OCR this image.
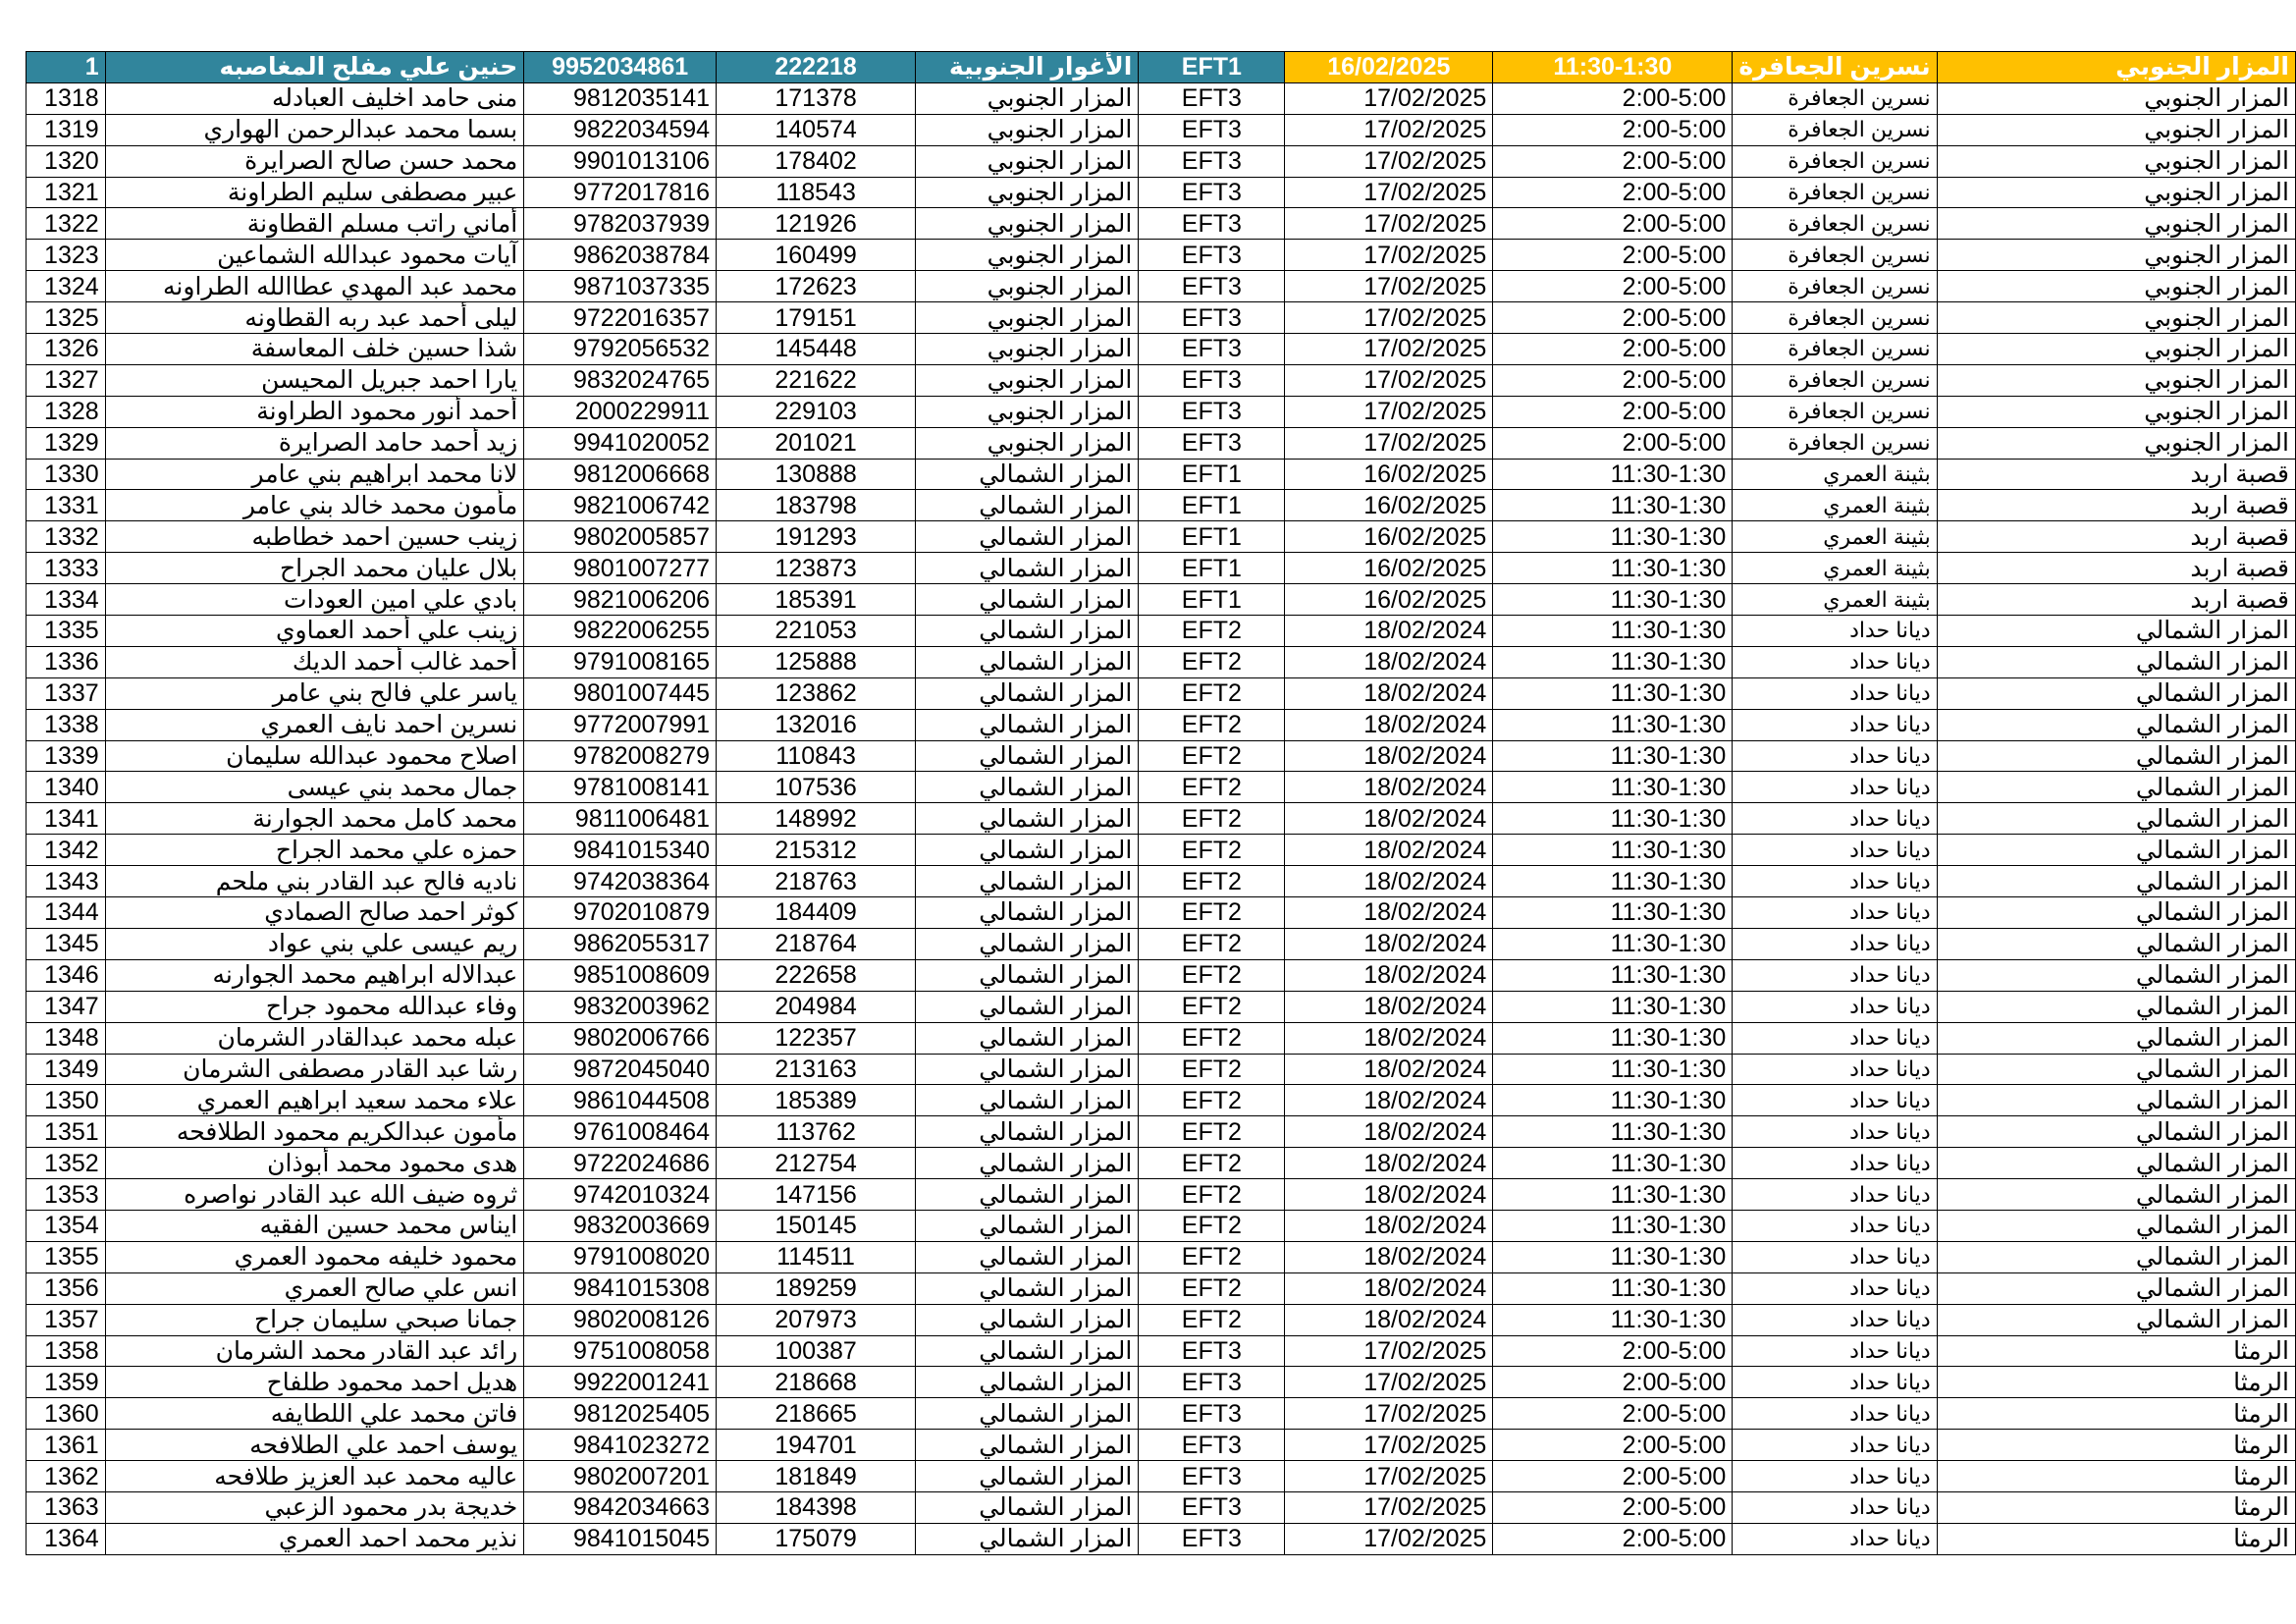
1	حنين علي مفلح المغاصبه	9952034861	222218	الأغوار الجنوبية	EFT1	16/02/2025	11:30-1:30	نسرين الجعافرة	المزار الجنوبي
1318	منى حامد اخليف العبادله	9812035141	171378	المزار الجنوبي	EFT3	17/02/2025	2:00-5:00	نسرين الجعافرة	المزار الجنوبي
1319	بسما محمد عبدالرحمن الهواري	9822034594	140574	المزار الجنوبي	EFT3	17/02/2025	2:00-5:00	نسرين الجعافرة	المزار الجنوبي
1320	محمد حسن صالح الصرايرة	9901013106	178402	المزار الجنوبي	EFT3	17/02/2025	2:00-5:00	نسرين الجعافرة	المزار الجنوبي
1321	عبير مصطفى سليم الطراونة	9772017816	118543	المزار الجنوبي	EFT3	17/02/2025	2:00-5:00	نسرين الجعافرة	المزار الجنوبي
1322	أماني راتب مسلم القطاونة	9782037939	121926	المزار الجنوبي	EFT3	17/02/2025	2:00-5:00	نسرين الجعافرة	المزار الجنوبي
1323	آيات محمود عبدالله الشماعين	9862038784	160499	المزار الجنوبي	EFT3	17/02/2025	2:00-5:00	نسرين الجعافرة	المزار الجنوبي
1324	محمد عبد المهدي عطاالله الطراونه	9871037335	172623	المزار الجنوبي	EFT3	17/02/2025	2:00-5:00	نسرين الجعافرة	المزار الجنوبي
1325	ليلى أحمد عبد ربه القطاونه	9722016357	179151	المزار الجنوبي	EFT3	17/02/2025	2:00-5:00	نسرين الجعافرة	المزار الجنوبي
1326	شذا حسين خلف المعاسفة	9792056532	145448	المزار الجنوبي	EFT3	17/02/2025	2:00-5:00	نسرين الجعافرة	المزار الجنوبي
1327	يارا احمد جبريل المحيسن	9832024765	221622	المزار الجنوبي	EFT3	17/02/2025	2:00-5:00	نسرين الجعافرة	المزار الجنوبي
1328	أحمد أنور محمود الطراونة	2000229911	229103	المزار الجنوبي	EFT3	17/02/2025	2:00-5:00	نسرين الجعافرة	المزار الجنوبي
1329	زيد أحمد حامد الصرايرة	9941020052	201021	المزار الجنوبي	EFT3	17/02/2025	2:00-5:00	نسرين الجعافرة	المزار الجنوبي
1330	لانا محمد ابراهيم بني عامر	9812006668	130888	المزار الشمالي	EFT1	16/02/2025	11:30-1:30	بثينة العمري	قصبة اربد
1331	مأمون محمد خالد بني عامر	9821006742	183798	المزار الشمالي	EFT1	16/02/2025	11:30-1:30	بثينة العمري	قصبة اربد
1332	زينب حسين احمد خطاطبه	9802005857	191293	المزار الشمالي	EFT1	16/02/2025	11:30-1:30	بثينة العمري	قصبة اربد
1333	بلال عليان محمد الجراح	9801007277	123873	المزار الشمالي	EFT1	16/02/2025	11:30-1:30	بثينة العمري	قصبة اربد
1334	بادي علي امين العودات	9821006206	185391	المزار الشمالي	EFT1	16/02/2025	11:30-1:30	بثينة العمري	قصبة اربد
1335	زينب علي أحمد العماوي	9822006255	221053	المزار الشمالي	EFT2	18/02/2024	11:30-1:30	ديانا حداد	المزار الشمالي
1336	أحمد غالب أحمد الديك	9791008165	125888	المزار الشمالي	EFT2	18/02/2024	11:30-1:30	ديانا حداد	المزار الشمالي
1337	ياسر علي فالح بني عامر	9801007445	123862	المزار الشمالي	EFT2	18/02/2024	11:30-1:30	ديانا حداد	المزار الشمالي
1338	نسرين احمد نايف العمري	9772007991	132016	المزار الشمالي	EFT2	18/02/2024	11:30-1:30	ديانا حداد	المزار الشمالي
1339	اصلاح محمود عبدالله سليمان	9782008279	110843	المزار الشمالي	EFT2	18/02/2024	11:30-1:30	ديانا حداد	المزار الشمالي
1340	جمال محمد بني عيسى	9781008141	107536	المزار الشمالي	EFT2	18/02/2024	11:30-1:30	ديانا حداد	المزار الشمالي
1341	محمد كامل محمد الجوارنة	9811006481	148992	المزار الشمالي	EFT2	18/02/2024	11:30-1:30	ديانا حداد	المزار الشمالي
1342	حمزه علي محمد الجراح	9841015340	215312	المزار الشمالي	EFT2	18/02/2024	11:30-1:30	ديانا حداد	المزار الشمالي
1343	ناديه فالح عبد القادر بني ملحم	9742038364	218763	المزار الشمالي	EFT2	18/02/2024	11:30-1:30	ديانا حداد	المزار الشمالي
1344	كوثر احمد صالح الصمادي	9702010879	184409	المزار الشمالي	EFT2	18/02/2024	11:30-1:30	ديانا حداد	المزار الشمالي
1345	ريم عيسى علي بني عواد	9862055317	218764	المزار الشمالي	EFT2	18/02/2024	11:30-1:30	ديانا حداد	المزار الشمالي
1346	عبدالاله ابراهيم محمد الجوارنه	9851008609	222658	المزار الشمالي	EFT2	18/02/2024	11:30-1:30	ديانا حداد	المزار الشمالي
1347	وفاء عبدالله محمود جراح	9832003962	204984	المزار الشمالي	EFT2	18/02/2024	11:30-1:30	ديانا حداد	المزار الشمالي
1348	عبله محمد عبدالقادر الشرمان	9802006766	122357	المزار الشمالي	EFT2	18/02/2024	11:30-1:30	ديانا حداد	المزار الشمالي
1349	رشا عبد القادر مصطفى الشرمان	9872045040	213163	المزار الشمالي	EFT2	18/02/2024	11:30-1:30	ديانا حداد	المزار الشمالي
1350	علاء محمد سعيد ابراهيم العمري	9861044508	185389	المزار الشمالي	EFT2	18/02/2024	11:30-1:30	ديانا حداد	المزار الشمالي
1351	مأمون عبدالكريم محمود الطلافحه	9761008464	113762	المزار الشمالي	EFT2	18/02/2024	11:30-1:30	ديانا حداد	المزار الشمالي
1352	هدى محمود محمد أبوذان	9722024686	212754	المزار الشمالي	EFT2	18/02/2024	11:30-1:30	ديانا حداد	المزار الشمالي
1353	ثروه ضيف الله عبد القادر نواصره	9742010324	147156	المزار الشمالي	EFT2	18/02/2024	11:30-1:30	ديانا حداد	المزار الشمالي
1354	ايناس محمد حسين الفقيه	9832003669	150145	المزار الشمالي	EFT2	18/02/2024	11:30-1:30	ديانا حداد	المزار الشمالي
1355	محمود خليفه محمود العمري	9791008020	114511	المزار الشمالي	EFT2	18/02/2024	11:30-1:30	ديانا حداد	المزار الشمالي
1356	انس علي صالح العمري	9841015308	189259	المزار الشمالي	EFT2	18/02/2024	11:30-1:30	ديانا حداد	المزار الشمالي
1357	جمانا صبحي سليمان جراح	9802008126	207973	المزار الشمالي	EFT2	18/02/2024	11:30-1:30	ديانا حداد	المزار الشمالي
1358	رائد عبد القادر محمد الشرمان	9751008058	100387	المزار الشمالي	EFT3	17/02/2025	2:00-5:00	ديانا حداد	الرمثا
1359	هديل احمد محمود طلفاح	9922001241	218668	المزار الشمالي	EFT3	17/02/2025	2:00-5:00	ديانا حداد	الرمثا
1360	فاتن محمد علي اللطايفه	9812025405	218665	المزار الشمالي	EFT3	17/02/2025	2:00-5:00	ديانا حداد	الرمثا
1361	يوسف احمد علي الطلافحه	9841023272	194701	المزار الشمالي	EFT3	17/02/2025	2:00-5:00	ديانا حداد	الرمثا
1362	عاليه محمد عبد العزيز طلافحه	9802007201	181849	المزار الشمالي	EFT3	17/02/2025	2:00-5:00	ديانا حداد	الرمثا
1363	خديجة بدر محمود الزعبي	9842034663	184398	المزار الشمالي	EFT3	17/02/2025	2:00-5:00	ديانا حداد	الرمثا
1364	نذير محمد احمد العمري	9841015045	175079	المزار الشمالي	EFT3	17/02/2025	2:00-5:00	ديانا حداد	الرمثا
